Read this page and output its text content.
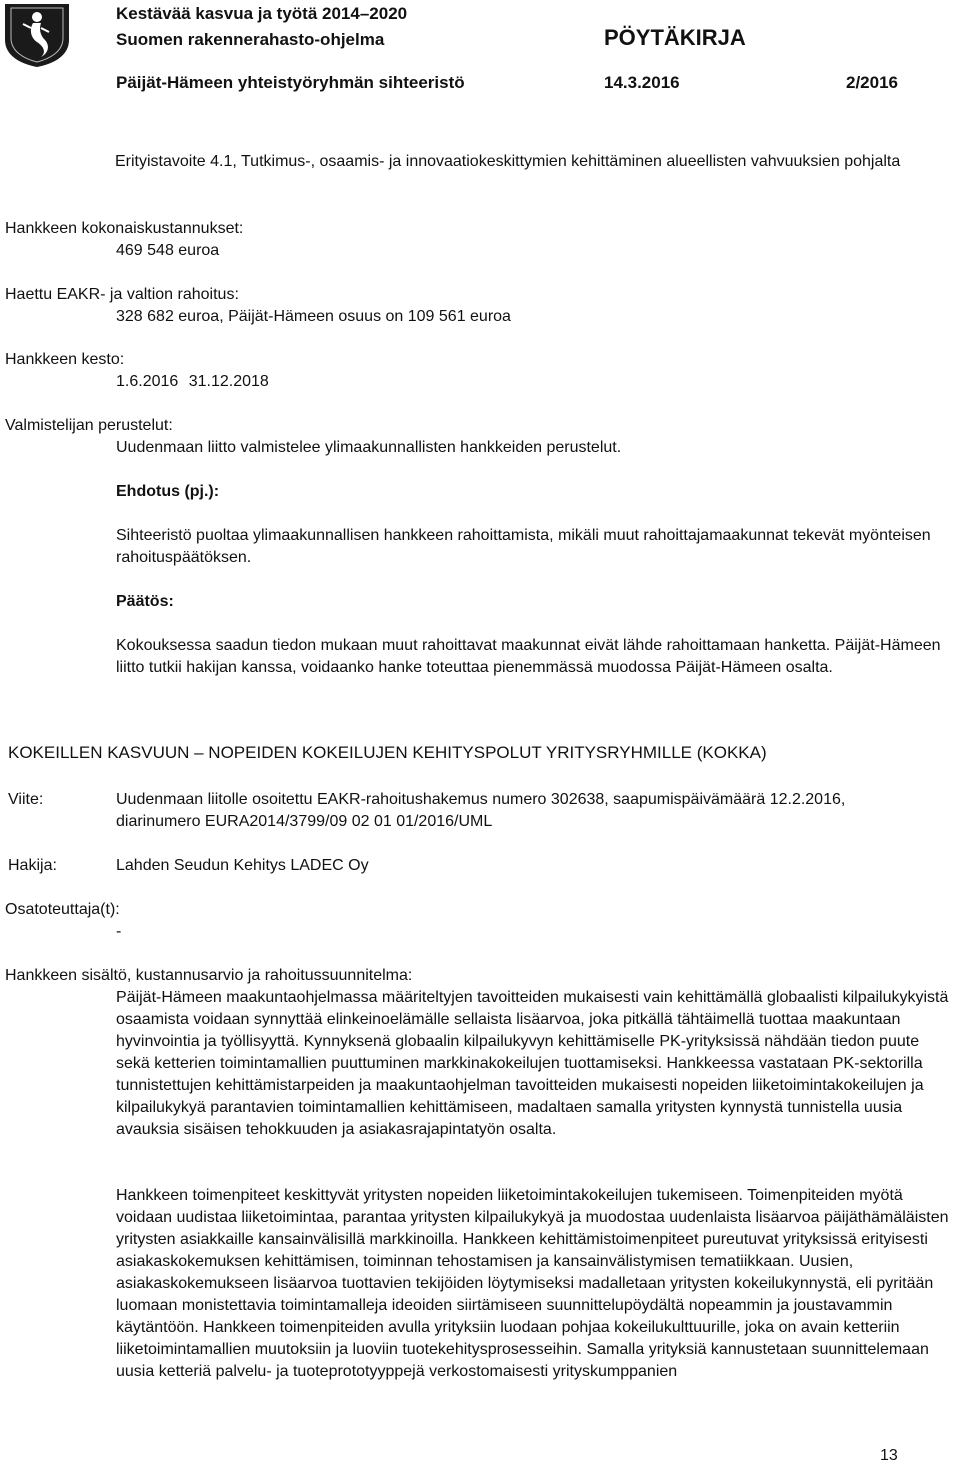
Kestävää kasvua ja työtä 2014–2020
Suomen rakennerahasto-ohjelma	PÖYTÄKIRJA
Päijät-Hämeen yhteistyöryhmän sihteeristö	14.3.2016	2/2016

Erityistavoite 4.1, Tutkimus-, osaamis- ja innovaatiokeskittymien kehittäminen alueellisten vahvuuksien pohjalta

Hankkeen kokonaiskustannukset:

469 548 euroa

Haettu EAKR- ja valtion rahoitus:

328 682 euroa, Päijät-Hämeen osuus on 109 561 euroa

Hankkeen kesto:

1.6.2016 31.12.2018

Valmistelijan perustelut:

Uudenmaan liitto valmistelee ylimaakunnallisten hankkeiden perustelut.

Ehdotus (pj.):

Sihteeristö puoltaa ylimaakunnallisen hankkeen rahoittamista, mikäli muut rahoittajamaakunnat tekevät myönteisen rahoituspäätöksen.

Päätös:

Kokouksessa saadun tiedon mukaan muut rahoittavat maakunnat eivät lähde rahoittamaan hanketta. Päijät-Hämeen liitto tutkii hakijan kanssa, voidaanko hanke toteuttaa pienemmässä muodossa Päijät-Hämeen osalta.

KOKEILLEN KASVUUN – NOPEIDEN KOKEILUJEN KEHITYSPOLUT YRITYSRYHMILLE (KOKKA)

Viite:	Uudenmaan liitolle osoitettu EAKR-rahoitushakemus numero 302638, saapumispäivämäärä 12.2.2016, diarinumero EURA2014/3799/09 02 01 01/2016/UML

Hakija:	Lahden Seudun Kehitys LADEC Oy

Osatoteuttaja(t):

-

Hankkeen sisältö, kustannusarvio ja rahoitussuunnitelma:

Päijät-Hämeen maakuntaohjelmassa määriteltyjen tavoitteiden mukaisesti vain kehittämällä globaalisti kilpailukykyistä osaamista voidaan synnyttää elinkeinoelämälle sellaista lisäarvoa, joka pitkällä tähtäimellä tuottaa maakuntaan hyvinvointia ja työllisyyttä. Kynnyksenä globaalin kilpailukyvyn kehittämiselle PK-yrityksissä nähdään tiedon puute sekä ketterien toimintamallien puuttuminen markkinakokeilujen tuottamiseksi. Hankkeessa vastataan PK-sektorilla tunnistettujen kehittämistarpeiden ja maakuntaohjelman tavoitteiden mukaisesti nopeiden liiketoimintakokeilujen ja kilpailukykyä parantavien toimintamallien kehittämiseen, madaltaen samalla yritysten kynnystä tunnistella uusia avauksia sisäisen tehokkuuden ja asiakasrajapintatyön osalta.

Hankkeen toimenpiteet keskittyvät yritysten nopeiden liiketoimintakokeilujen tukemiseen. Toimenpiteiden myötä voidaan uudistaa liiketoimintaa, parantaa yritysten kilpailukykyä ja muodostaa uudenlaista lisäarvoa päijäthämäläisten yritysten asiakkaille kansainvälisillä markkinoilla. Hankkeen kehittämistoimenpiteet pureutuvat yrityksissä erityisesti asiakaskokemuksen kehittämisen, toiminnan tehostamisen ja kansainvälistymisen tematiikkaan. Uusien, asiakaskokemukseen lisäarvoa tuottavien tekijöiden löytymiseksi madalletaan yritysten kokeilukynnystä, eli pyritään luomaan monistettavia toimintamalleja ideoiden siirtämiseen suunnittelupöydältä nopeammin ja joustavammin käytäntöön. Hankkeen toimenpiteiden avulla yrityksiin luodaan pohjaa kokeilukulttuurille, joka on avain ketteriin liiketoimintamallien muutoksiin ja luoviin tuotekehitysprosesseihin. Samalla yrityksiä kannustetaan suunnittelemaan uusia ketteriä palvelu- ja tuoteprototyyppejä verkostomaisesti yrityskumppanien

13
